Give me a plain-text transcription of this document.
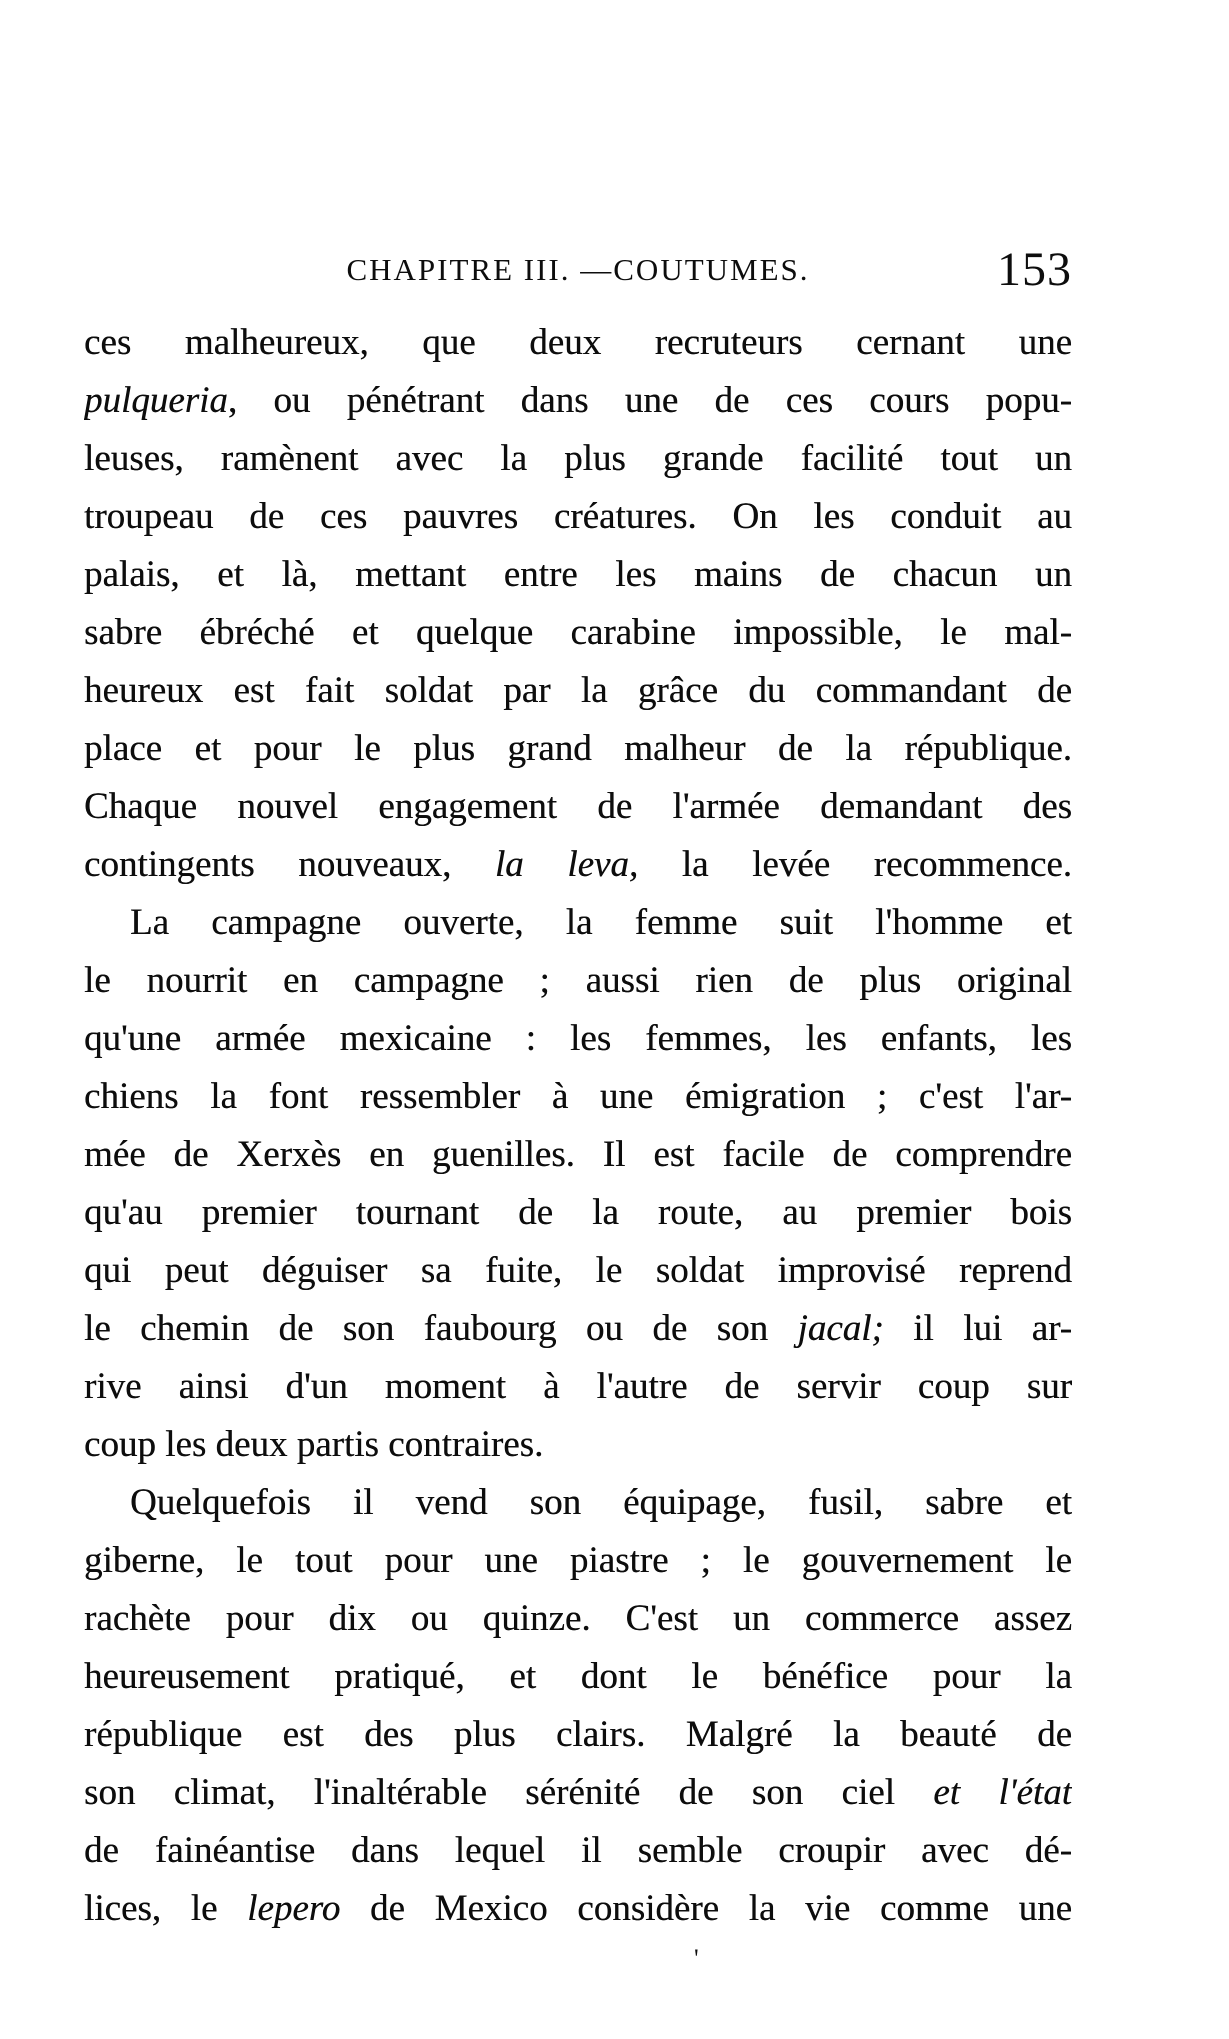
CHAPITRE III. —COUTUMES.	153
ces malheureux, que deux recruteurs cernant une
pulqueria, ou pénétrant dans une de ces cours popu-
leuses, ramènent avec la plus grande facilité tout un
troupeau de ces pauvres créatures. On les conduit au
palais, et là, mettant entre les mains de chacun un
sabre ébréché et quelque carabine impossible, le mal-
heureux est fait soldat par la grâce du commandant de
place et pour le plus grand malheur de la république.
Chaque nouvel engagement de l'armée demandant des
contingents nouveaux, la leva, la levée recommence.
La campagne ouverte, la femme suit l'homme et
le nourrit en campagne ; aussi rien de plus original
qu'une armée mexicaine : les femmes, les enfants, les
chiens la font ressembler à une émigration ; c'est l'ar-
mée de Xerxès en guenilles. Il est facile de comprendre
qu'au premier tournant de la route, au premier bois
qui peut déguiser sa fuite, le soldat improvisé reprend
le chemin de son faubourg ou de son jacal; il lui ar-
rive ainsi d'un moment à l'autre de servir coup sur
coup les deux partis contraires.
Quelquefois il vend son équipage, fusil, sabre et
giberne, le tout pour une piastre ; le gouvernement le
rachète pour dix ou quinze. C'est un commerce assez
heureusement pratiqué, et dont le bénéfice pour la
république est des plus clairs. Malgré la beauté de
son climat, l'inaltérable sérénité de son ciel et l'état
de fainéantise dans lequel il semble croupir avec dé-
lices, le lepero de Mexico considère la vie comme une
'
